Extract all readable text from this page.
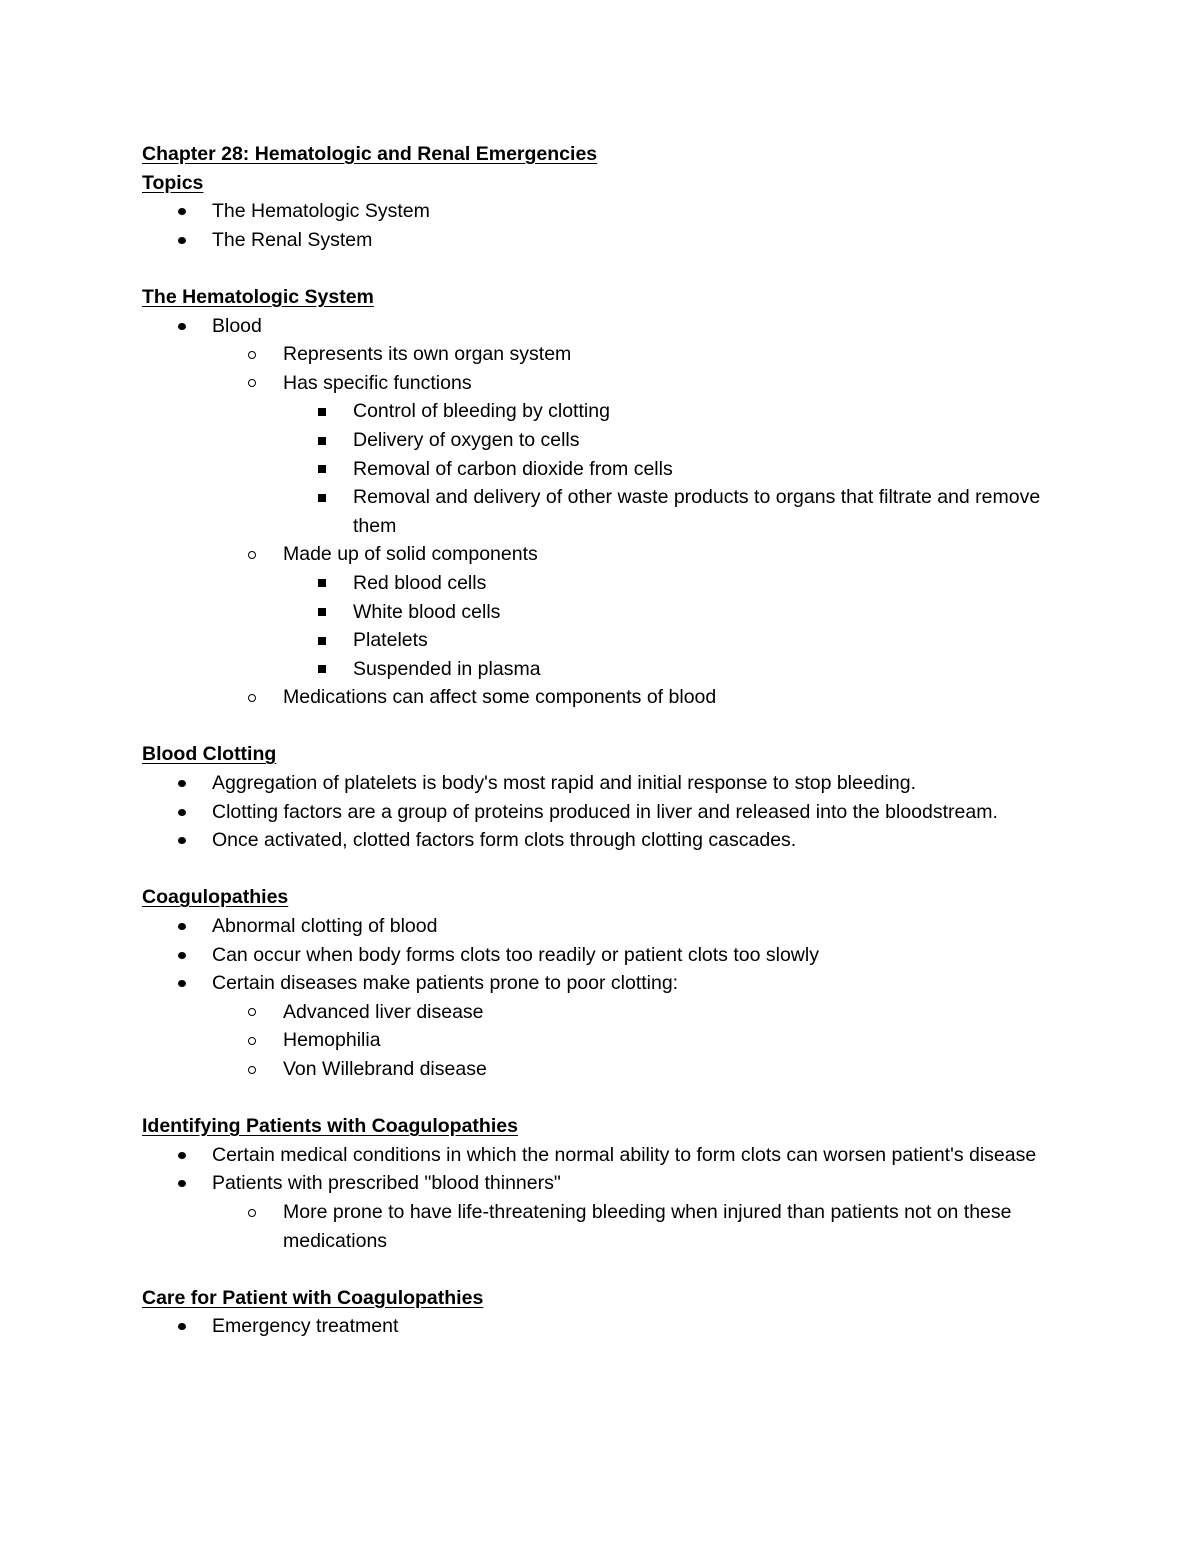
Chapter 28: Hematologic and Renal Emergencies
Topics
The Hematologic System
The Renal System
The Hematologic System
Blood
Represents its own organ system
Has specific functions
Control of bleeding by clotting
Delivery of oxygen to cells
Removal of carbon dioxide from cells
Removal and delivery of other waste products to organs that filtrate and remove them
Made up of solid components
Red blood cells
White blood cells
Platelets
Suspended in plasma
Medications can affect some components of blood
Blood Clotting
Aggregation of platelets is body's most rapid and initial response to stop bleeding.
Clotting factors are a group of proteins produced in liver and released into the bloodstream.
Once activated, clotted factors form clots through clotting cascades.
Coagulopathies
Abnormal clotting of blood
Can occur when body forms clots too readily or patient clots too slowly
Certain diseases make patients prone to poor clotting:
Advanced liver disease
Hemophilia
Von Willebrand disease
Identifying Patients with Coagulopathies
Certain medical conditions in which the normal ability to form clots can worsen patient's disease
Patients with prescribed "blood thinners"
More prone to have life-threatening bleeding when injured than patients not on these medications
Care for Patient with Coagulopathies
Emergency treatment
